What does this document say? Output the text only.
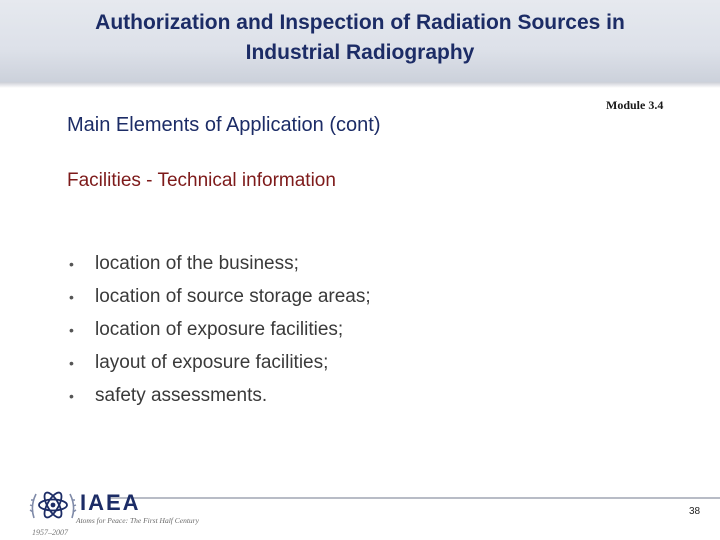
Authorization and Inspection of Radiation Sources in
Industrial Radiography
Main Elements of Application (cont)
Module 3.4
Facilities - Technical information
• location of the business;
• location of source storage areas;
• location of exposure facilities;
• layout of exposure facilities;
• safety assessments.
IAEA
Atoms for Peace: The First Half Century
1957–2007
38
